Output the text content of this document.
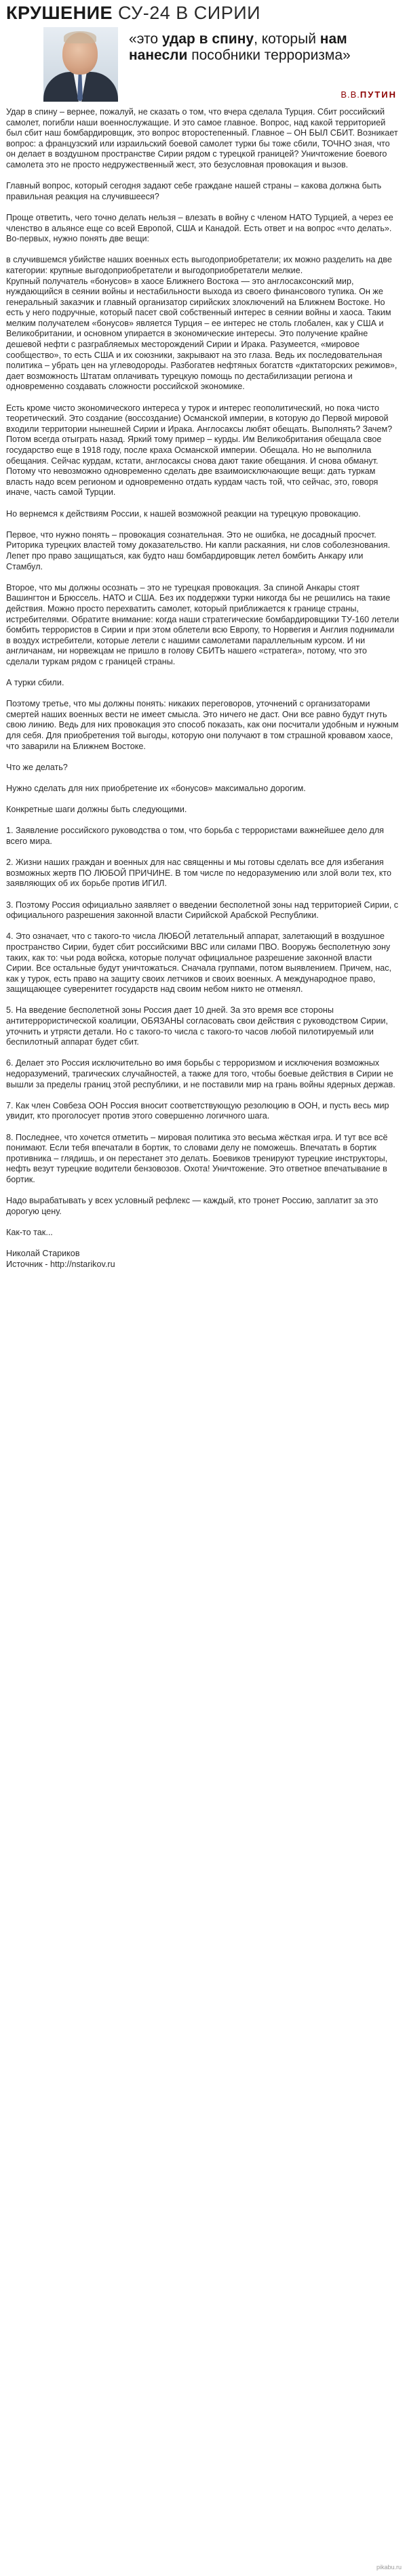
КРУШЕНИЕ СУ-24 В СИРИИ
«это удар в спину, который нам нанесли пособники терроризма»
В.В.ПУТИН

Удар в спину – вернее, пожалуй, не сказать о том, что вчера сделала Турция. Сбит российский самолет, погибли наши военнослужащие. И это самое главное. Вопрос, над какой территорией был сбит наш бомбардировщик, это вопрос второстепенный. Главное – ОН БЫЛ СБИТ. Возникает вопрос: а французский или израильский боевой самолет турки бы тоже сбили, ТОЧНО зная, что он делает в воздушном пространстве Сирии рядом с турецкой границей? Уничтожение боевого самолета это не просто недружественный жест, это безусловная провокация и вызов.

Главный вопрос, который сегодня задают себе граждане нашей страны – какова должна быть правильная реакция на случившееся?

Проще ответить, чего точно делать нельзя – влезать в войну с членом НАТО Турцией, а через ее членство в альянсе еще со всей Европой, США и Канадой. Есть ответ и на вопрос «что делать». Во-первых, нужно понять две вещи:

в случившемся убийстве наших военных есть выгодоприобретатели; их можно разделить на две категории: крупные выгодоприобретатели и выгодоприобретатели мелкие.
Крупный получатель «бонусов» в хаосе Ближнего Востока — это англосаксонский мир, нуждающийся в сеянии войны и нестабильности выхода из своего финансового тупика. Он же генеральный заказчик и главный организатор сирийских злоключений на Ближнем Востоке. Но есть у него подручные, который пасет свой собственный интерес в сеянии войны и хаоса. Таким мелким получателем «бонусов» является Турция – ее интерес не столь глобален, как у США и Великобритании, и основном упирается в экономические интересы. Это получение крайне дешевой нефти с разграбляемых месторождений Сирии и Ирака. Разумеется, «мировое сообщество», то есть США и их союзники, закрывают на это глаза. Ведь их последовательная политика – убрать цен на углеводороды. Разбогатев нефтяных богатств «диктаторских режимов», дает возможность Штатам оплачивать турецкую помощь по дестабилизации региона и одновременно создавать сложности российской экономике.

Есть кроме чисто экономического интереса у турок и интерес геополитический, но пока чисто теоретический. Это создание (воссоздание) Османской империи, в которую до Первой мировой входили территории нынешней Сирии и Ирака. Англосаксы любят обещать. Выполнять? Зачем? Потом всегда отыграть назад. Яркий тому пример – курды. Им Великобритания обещала свое государство еще в 1918 году, после краха Османской империи. Обещала. Но не выполнила обещания. Сейчас курдам, кстати, англосаксы снова дают такие обещания. И снова обманут. Потому что невозможно одновременно сделать две взаимоисключающие вещи: дать туркам власть надо всем регионом и одновременно отдать курдам часть той, что сейчас, это, говоря иначе, часть самой Турции.

Но вернемся к действиям России, к нашей возможной реакции на турецкую провокацию.

Первое, что нужно понять – провокация сознательная. Это не ошибка, не досадный просчет. Риторика турецких властей тому доказательство. Ни капли раскаяния, ни слов соболезнования. Лепет про право защищаться, как будто наш бомбардировщик летел бомбить Анкару или Стамбул.

Второе, что мы должны осознать – это не турецкая провокация. За спиной Анкары стоят Вашингтон и Брюссель. НАТО и США. Без их поддержки турки никогда бы не решились на такие действия. Можно просто перехватить самолет, который приближается к границе страны, истребителями. Обратите внимание: когда наши стратегические бомбардировщики ТУ-160 летели бомбить террористов в Сирии и при этом облетели всю Европу, то Норвегия и Англия поднимали в воздух истребители, которые летели с нашими самолетами параллельным курсом. И ни англичанам, ни норвежцам не пришло в голову СБИТЬ нашего «стратега», потому, что это сделали туркам рядом с границей страны.

А турки сбили.

Поэтому третье, что мы должны понять: никаких переговоров, уточнений с организаторами смертей наших военных вести не имеет смысла. Это ничего не даст. Они все равно будут гнуть свою линию. Ведь для них провокация это способ показать, как они посчитали удобным и нужным для себя. Для приобретения той выгоды, которую они получают в том страшной кровавом хаосе, что заварили на Ближнем Востоке.

Что же делать?

Нужно сделать для них приобретение их «бонусов» максимально дорогим.

Конкретные шаги должны быть следующими.

1. Заявление российского руководства о том, что борьба с террористами важнейшее дело для всего мира.

2. Жизни наших граждан и военных для нас священны и мы готовы сделать все для избегания возможных жертв ПО ЛЮБОЙ ПРИЧИНЕ. В том числе по недоразумению или злой воли тех, кто заявляющих об их борьбе против ИГИЛ.

3. Поэтому Россия официально заявляет о введении бесполетной зоны над территорией Сирии, с официального разрешения законной власти Сирийской Арабской Республики.

4. Это означает, что с такого-то числа ЛЮБОЙ летательный аппарат, залетающий в воздушное пространство Сирии, будет сбит российскими ВВС или силами ПВО. Вооружь бесполетную зону таких, как то: чьи рода войска, которые получат официальное разрешение законной власти Сирии. Все остальные будут уничтожаться. Сначала группами, потом выявлением. Причем, нас, как у турок, есть право на защиту своих летчиков и своих военных. А международное право, защищающее суверенитет государств над своим небом никто не отменял.

5. На введение бесполетной зоны Россия дает 10 дней. За это время все стороны антитеррористической коалиции, ОБЯЗАНЫ согласовать свои действия с руководством Сирии, уточнить и утрясти детали. Но с такого-то числа с такого-то часов любой пилотируемый или беспилотный аппарат будет сбит.

6. Делает это Россия исключительно во имя борьбы с терроризмом и исключения возможных недоразумений, трагических случайностей, а также для того, чтобы боевые действия в Сирии не вышли за пределы границ этой республики, и не поставили мир на грань войны ядерных держав.

7. Как член Совбеза ООН Россия вносит соответствующую резолюцию в ООН, и пусть весь мир увидит, кто проголосует против этого совершенно логичного шага.

8. Последнее, что хочется отметить – мировая политика это весьма жёсткая игра. И тут все всё понимают. Если тебя впечатали в бортик, то словами делу не поможешь. Впечатать в бортик противника – глядишь, и он перестанет это делать. Боевиков тренируют турецкие инструкторы, нефть везут турецкие водители бензовозов. Охота! Уничтожение. Это ответное впечатывание в бортик.

Надо вырабатывать у всех условный рефлекс — каждый, кто тронет Россию, заплатит за это дорогую цену.

Как-то так...

Николай Стариков
Источник - http://nstarikov.ru

pikabu.ru
